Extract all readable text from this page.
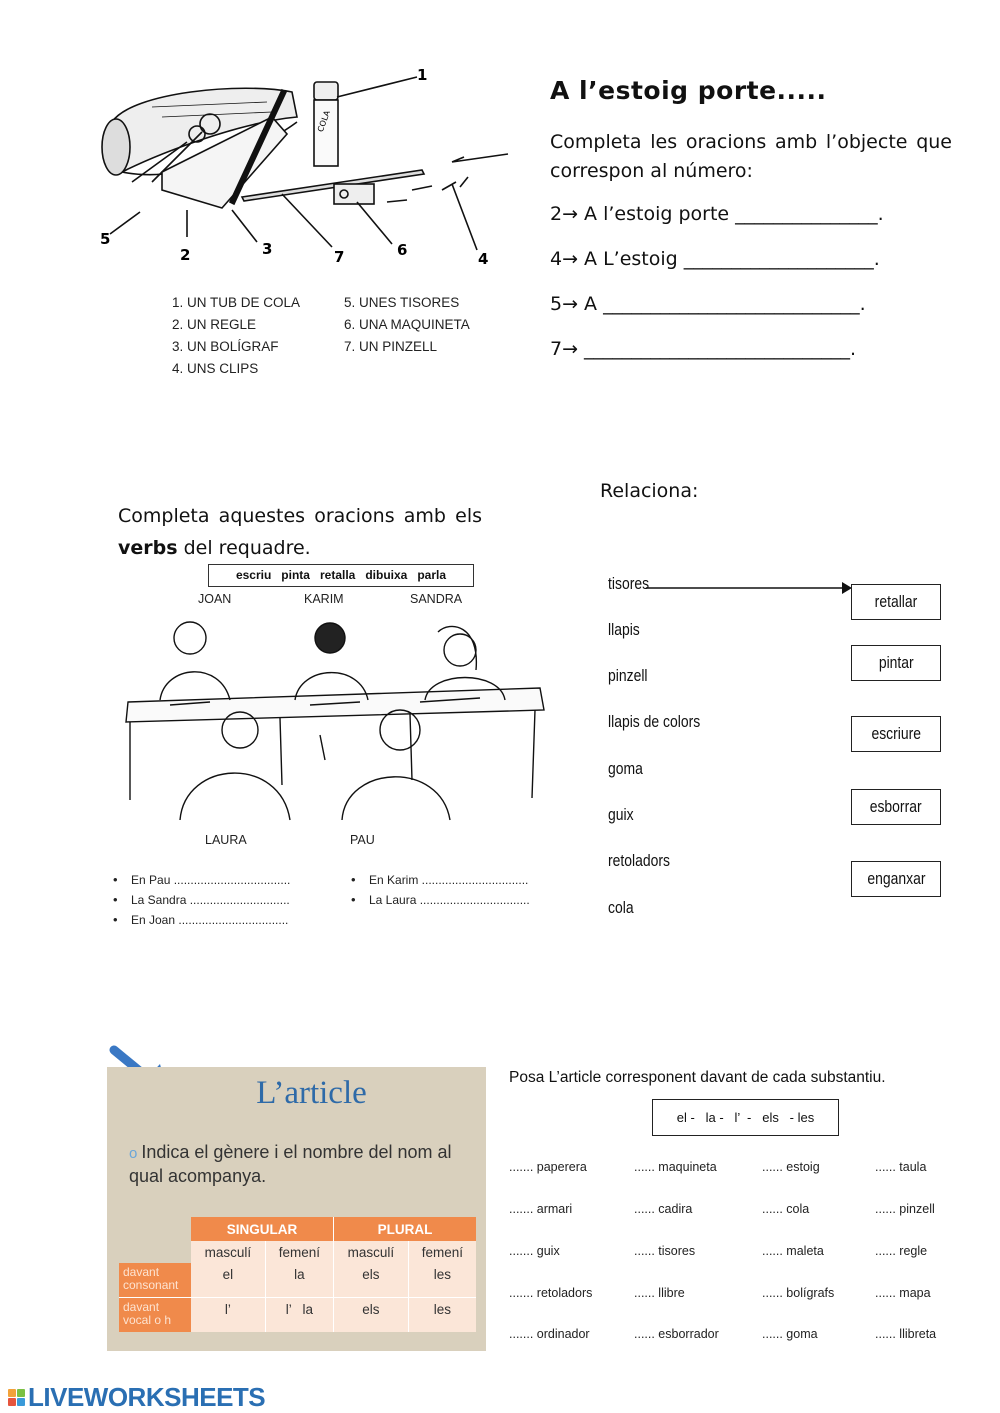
1
2	3
4
5
6
7
COLA
1. UN TUB DE COLA
2. UN REGLE
3. UN BOLÍGRAF
4. UNS CLIPS
5. UNES TISORES
6. UNA MAQUINETA
7. UN PINZELL
A l’estoig porte.....
Completa les oracions amb l’objecte que correspon al número:
2→ A l’estoig porte _______________.
4→ A L’estoig ____________________.
5→ A ___________________________.
7→ ____________________________.
Completa aquestes oracions amb els verbs del requadre.
escriu   pinta   retalla   dibuixa   parla
JOAN	KARIM	SANDRA
LAURA	PAU
• En Pau ...................................
• La Sandra ..............................
• En Joan .................................
• En Karim ................................
• La Laura .................................
Relaciona:
tisores
llapis
pinzell
llapis de colors
goma
guix
retoladors
cola
retallar
pintar
escriure
esborrar
enganxar
L’article
o Indica el gènere i el nombre del nom al qual acompanya.
	SINGULAR		PLURAL	
	masculí	femení	masculí	femení
davant consonant	el	la	els	les
davant vocal o h	l’	l’   la	els	les
Posa L’article corresponent davant de cada substantiu.
el -   la -   l’  -   els   - les
....... paperera	...... maquineta	...... estoig	...... taula
....... armari	...... cadira	...... cola	...... pinzell
....... guix	...... tisores	...... maleta	...... regle
....... retoladors	...... llibre	...... bolígrafs	...... mapa
....... ordinador	...... esborrador	...... goma	...... llibreta
LIVEWORKSHEETS
